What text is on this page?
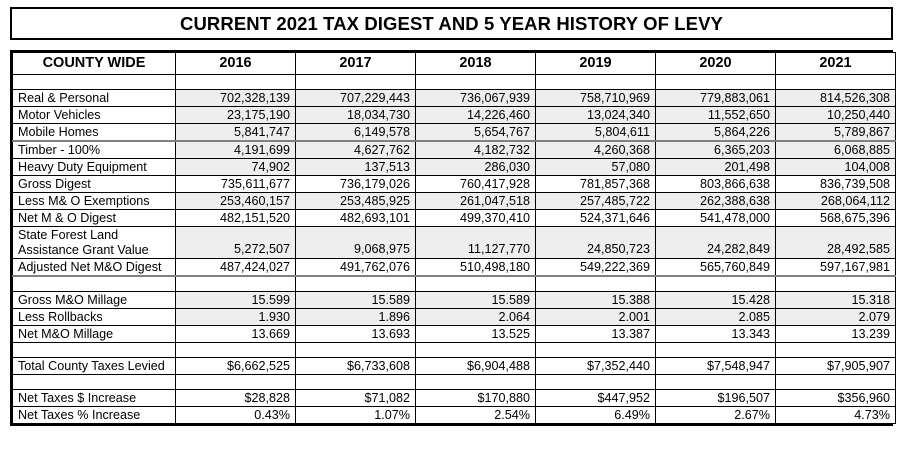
CURRENT 2021 TAX DIGEST AND 5 YEAR HISTORY OF LEVY
COUNTY WIDE	2016	2017	2018	2019	2020	2021

Real & Personal	702,328,139	707,229,443	736,067,939	758,710,969	779,883,061	814,526,308
Motor Vehicles	23,175,190	18,034,730	14,226,460	13,024,340	11,552,650	10,250,440
Mobile Homes	5,841,747	6,149,578	5,654,767	5,804,611	5,864,226	5,789,867
Timber - 100%	4,191,699	4,627,762	4,182,732	4,260,368	6,365,203	6,068,885
Heavy Duty Equipment	74,902	137,513	286,030	57,080	201,498	104,008
Gross Digest	735,611,677	736,179,026	760,417,928	781,857,368	803,866,638	836,739,508
Less M& O Exemptions	253,460,157	253,485,925	261,047,518	257,485,722	262,388,638	268,064,112
Net M & O Digest	482,151,520	482,693,101	499,370,410	524,371,646	541,478,000	568,675,396
State Forest Land Assistance Grant Value	5,272,507	9,068,975	11,127,770	24,850,723	24,282,849	28,492,585
Adjusted Net M&O Digest	487,424,027	491,762,076	510,498,180	549,222,369	565,760,849	597,167,981

Gross M&O Millage	15.599	15.589	15.589	15.388	15.428	15.318
Less Rollbacks	1.930	1.896	2.064	2.001	2.085	2.079
Net M&O Millage	13.669	13.693	13.525	13.387	13.343	13.239

Total County Taxes Levied	$6,662,525	$6,733,608	$6,904,488	$7,352,440	$7,548,947	$7,905,907

Net Taxes $ Increase	$28,828	$71,082	$170,880	$447,952	$196,507	$356,960
Net Taxes % Increase	0.43%	1.07%	2.54%	6.49%	2.67%	4.73%
